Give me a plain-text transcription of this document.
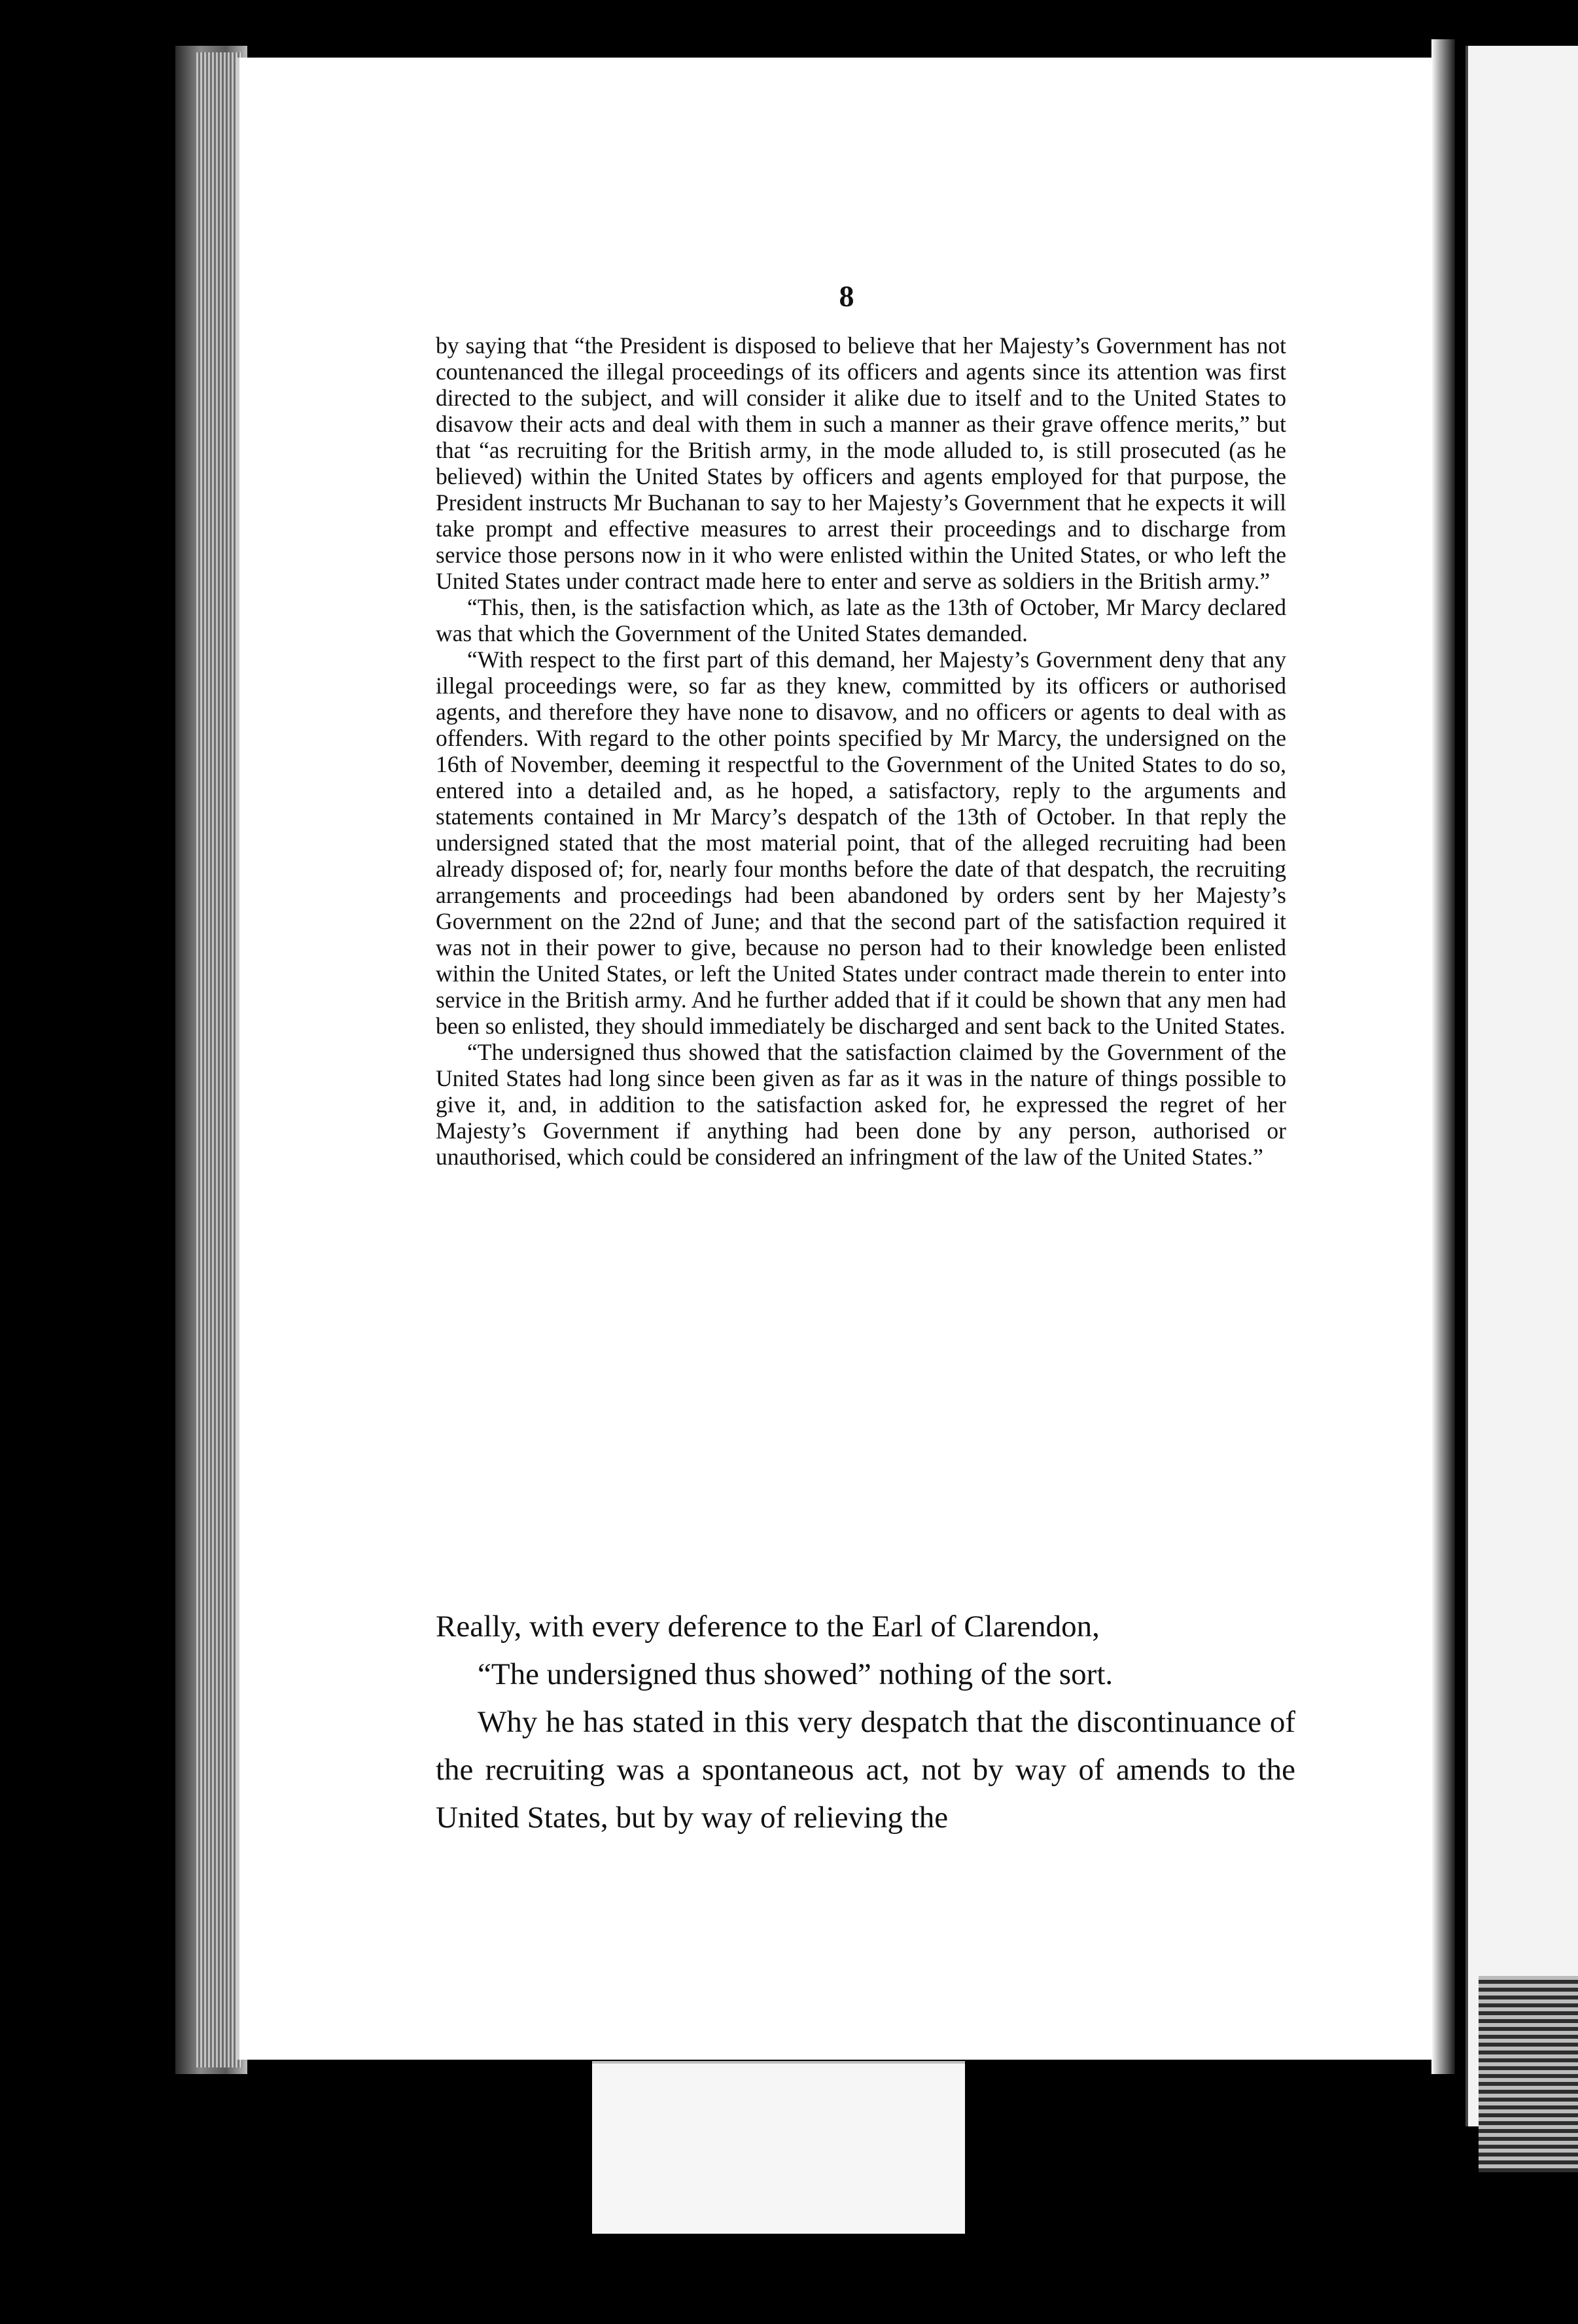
8

by saying that “the President is disposed to believe that her Majesty’s Government has not countenanced the illegal proceedings of its officers and agents since its attention was first directed to the subject, and will consider it alike due to itself and to the United States to disavow their acts and deal with them in such a manner as their grave offence merits,” but that “as recruiting for the British army, in the mode alluded to, is still prosecuted (as he believed) within the United States by officers and agents employed for that purpose, the President instructs Mr Buchanan to say to her Majesty’s Government that he expects it will take prompt and effective measures to arrest their proceedings and to discharge from service those persons now in it who were enlisted within the United States, or who left the United States under contract made here to enter and serve as soldiers in the British army.”

“This, then, is the satisfaction which, as late as the 13th of October, Mr Marcy declared was that which the Government of the United States demanded.

“With respect to the first part of this demand, her Majesty’s Government deny that any illegal proceedings were, so far as they knew, committed by its officers or authorised agents, and therefore they have none to disavow, and no officers or agents to deal with as offenders. With regard to the other points specified by Mr Marcy, the undersigned on the 16th of November, deeming it respectful to the Government of the United States to do so, entered into a detailed and, as he hoped, a satisfactory, reply to the arguments and statements contained in Mr Marcy’s despatch of the 13th of October. In that reply the undersigned stated that the most material point, that of the alleged recruiting had been already disposed of; for, nearly four months before the date of that despatch, the recruiting arrangements and proceedings had been abandoned by orders sent by her Majesty’s Government on the 22nd of June; and that the second part of the satisfaction required it was not in their power to give, because no person had to their knowledge been enlisted within the United States, or left the United States under contract made therein to enter into service in the British army. And he further added that if it could be shown that any men had been so enlisted, they should immediately be discharged and sent back to the United States.

“The undersigned thus showed that the satisfaction claimed by the Government of the United States had long since been given as far as it was in the nature of things possible to give it, and, in addition to the satisfaction asked for, he expressed the regret of her Majesty’s Government if anything had been done by any person, authorised or unauthorised, which could be considered an infringment of the law of the United States.”

Really, with every deference to the Earl of Clarendon,

“The undersigned thus showed” nothing of the sort.

Why he has stated in this very despatch that the discontinuance of the recruiting was a spontaneous act, not by way of amends to the United States, but by way of relieving the
